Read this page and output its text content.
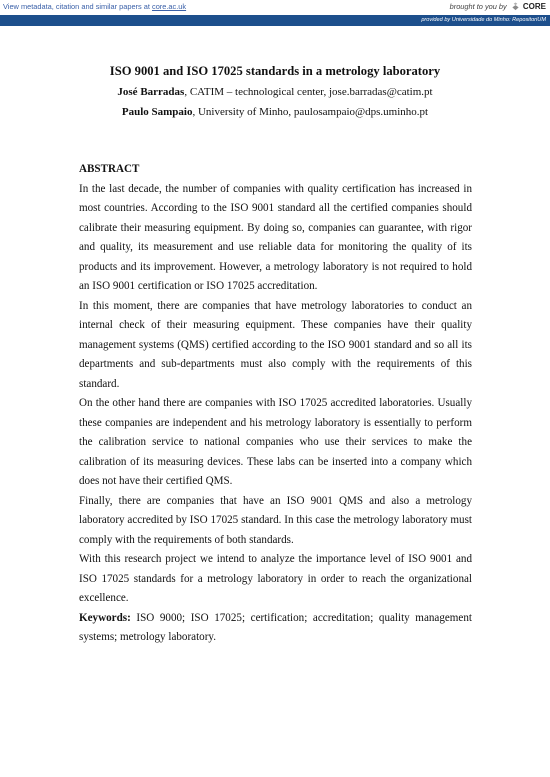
View metadata, citation and similar papers at core.ac.uk	brought to you by CORE
provided by Universidade do Minho: RepositoriUM
ISO 9001 and ISO 17025 standards in a metrology laboratory
José Barradas, CATIM – technological center, jose.barradas@catim.pt
Paulo Sampaio, University of Minho, paulosampaio@dps.uminho.pt
ABSTRACT

In the last decade, the number of companies with quality certification has increased in most countries. According to the ISO 9001 standard all the certified companies should calibrate their measuring equipment. By doing so, companies can guarantee, with rigor and quality, its measurement and use reliable data for monitoring the quality of its products and its improvement. However, a metrology laboratory is not required to hold an ISO 9001 certification or ISO 17025 accreditation.

In this moment, there are companies that have metrology laboratories to conduct an internal check of their measuring equipment. These companies have their quality management systems (QMS) certified according to the ISO 9001 standard and so all its departments and sub-departments must also comply with the requirements of this standard.

On the other hand there are companies with ISO 17025 accredited laboratories. Usually these companies are independent and his metrology laboratory is essentially to perform the calibration service to national companies who use their services to make the calibration of its measuring devices. These labs can be inserted into a company which does not have their certified QMS.

Finally, there are companies that have an ISO 9001 QMS and also a metrology laboratory accredited by ISO 17025 standard. In this case the metrology laboratory must comply with the requirements of both standards.

With this research project we intend to analyze the importance level of ISO 9001 and ISO 17025 standards for a metrology laboratory in order to reach the organizational excellence.

Keywords: ISO 9000; ISO 17025; certification; accreditation; quality management systems; metrology laboratory.
